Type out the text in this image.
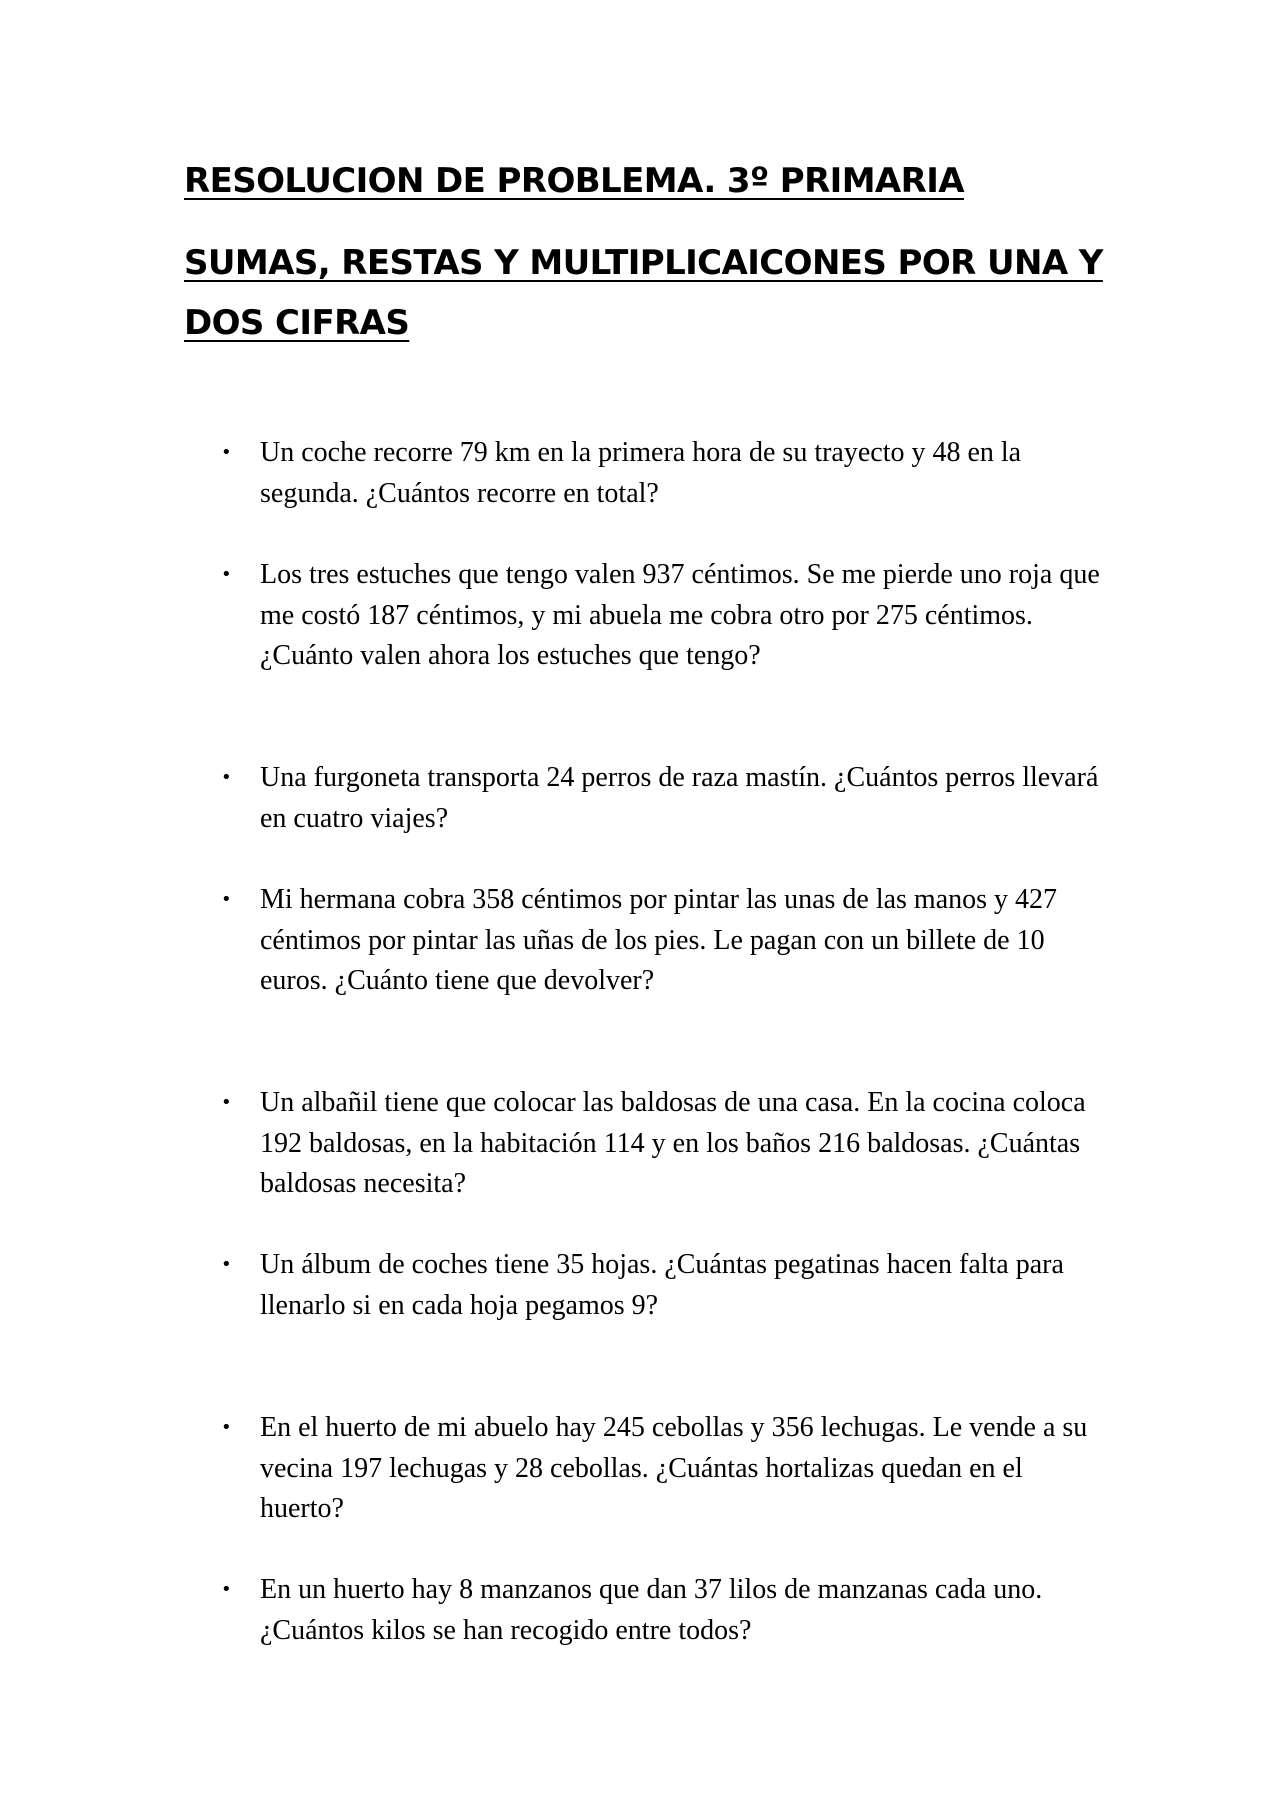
RESOLUCION DE PROBLEMA. 3º PRIMARIA
SUMAS, RESTAS Y MULTIPLICAICONES POR UNA Y DOS CIFRAS
• Un coche recorre 79 km en la primera hora de su trayecto y 48 en la segunda. ¿Cuántos recorre en total?
• Los tres estuches que tengo valen 937 céntimos. Se me pierde uno roja que me costó 187 céntimos, y mi abuela me cobra otro por 275 céntimos. ¿Cuánto valen ahora los estuches que tengo?
• Una furgoneta transporta 24 perros de raza mastín. ¿Cuántos perros llevará en cuatro viajes?
• Mi hermana cobra 358 céntimos por pintar las unas de las manos y 427 céntimos por pintar las uñas de los pies. Le pagan con un billete de 10 euros. ¿Cuánto tiene que devolver?
• Un albañil tiene que colocar las baldosas de una casa. En la cocina coloca 192 baldosas, en la habitación 114 y en los baños 216 baldosas. ¿Cuántas baldosas necesita?
• Un álbum de coches tiene 35 hojas. ¿Cuántas pegatinas hacen falta para llenarlo si en cada hoja pegamos 9?
• En el huerto de mi abuelo hay 245 cebollas y 356 lechugas. Le vende a su vecina 197 lechugas y 28 cebollas. ¿Cuántas hortalizas quedan en el huerto?
• En un huerto hay 8 manzanos que dan 37 lilos de manzanas cada uno. ¿Cuántos kilos se han recogido entre todos?
